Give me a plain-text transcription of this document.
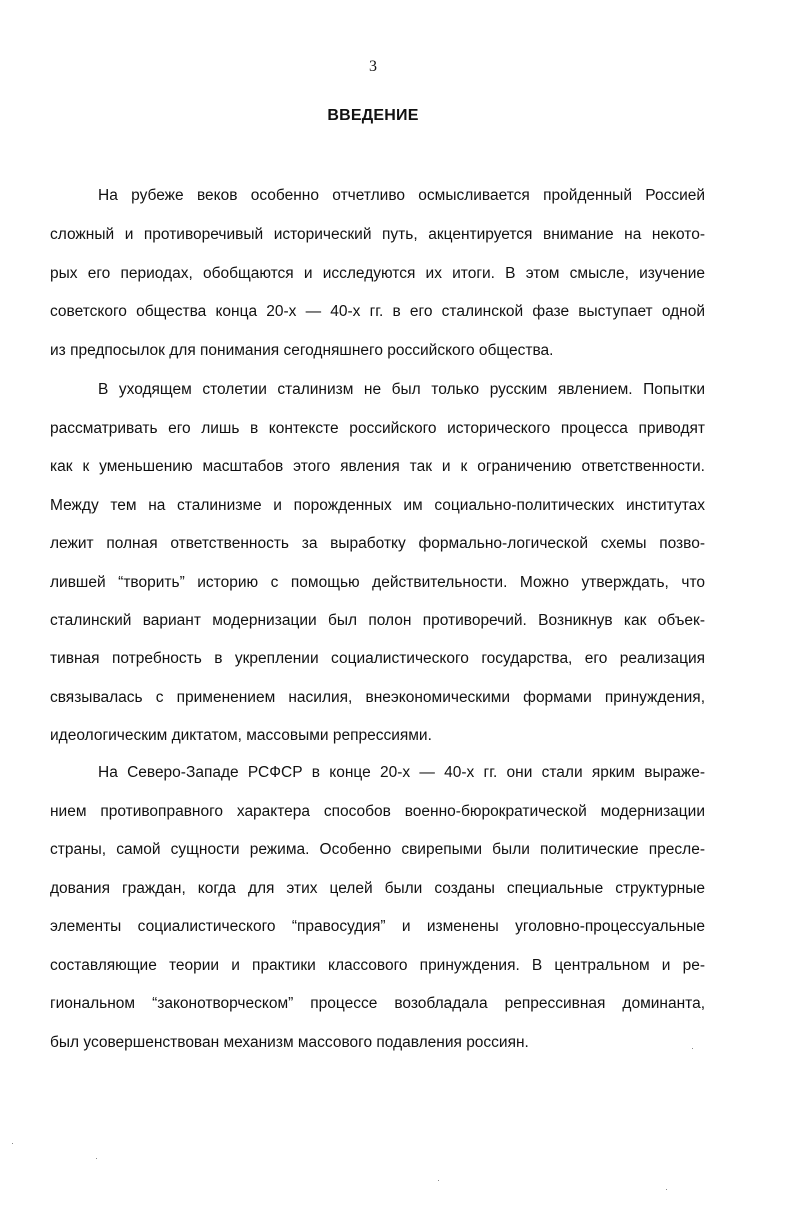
3
ВВЕДЕНИЕ
На рубеже веков особенно отчетливо осмысливается пройденный Россией
сложный и противоречивый исторический путь, акцентируется внимание на некото-
рых его периодах, обобщаются и исследуются их итоги. В этом смысле, изучение
советского общества конца 20-х — 40-х гг. в его сталинской фазе выступает одной
из предпосылок для понимания сегодняшнего российского общества.
В уходящем столетии сталинизм не был только русским явлением. Попытки
рассматривать его лишь в контексте российского исторического процесса приводят
как к уменьшению масштабов этого явления так и к ограничению ответственности.
Между тем на сталинизме и порожденных им социально-политических институтах
лежит полная ответственность за выработку формально-логической схемы позво-
лившей “творить” историю с помощью действительности. Можно утверждать, что
сталинский вариант модернизации был полон противоречий. Возникнув как объек-
тивная потребность в укреплении социалистического государства, его реализация
связывалась с применением насилия, внеэкономическими формами принуждения,
идеологическим диктатом, массовыми репрессиями.
На Северо-Западе РСФСР в конце 20-х — 40-х гг. они стали ярким выраже-
нием противоправного характера способов военно-бюрократической модернизации
страны, самой сущности режима. Особенно свирепыми были политические пресле-
дования граждан, когда для этих целей были созданы специальные структурные
элементы социалистического “правосудия” и изменены уголовно-процессуальные
составляющие теории и практики классового принуждения. В центральном и ре-
гиональном “законотворческом” процессе возобладала репрессивная доминанта,
был усовершенствован механизм массового подавления россиян.
